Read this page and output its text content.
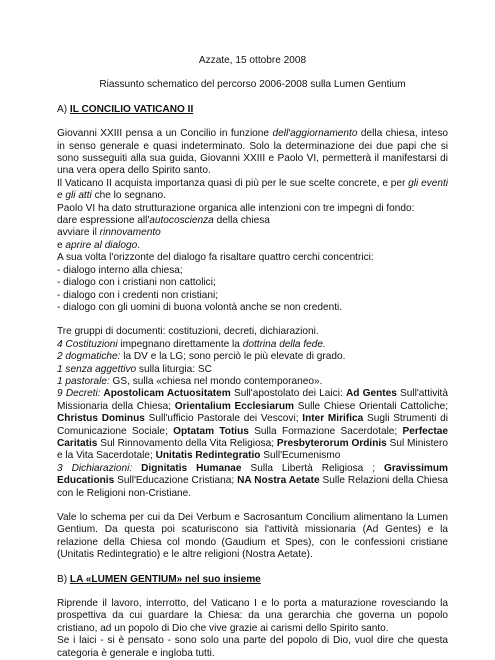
Azzate, 15 ottobre 2008
Riassunto schematico del percorso 2006-2008 sulla Lumen Gentium
A) IL CONCILIO VATICANO II

Giovanni XXIII pensa a un Concilio in funzione dell'aggiornamento della chiesa, inteso in senso generale e quasi indeterminato. Solo la determinazione dei due papi che si sono susseguiti alla sua guida, Giovanni XXIII e Paolo VI, permetterà il manifestarsi di una vera opera dello Spirito santo.

Il Vaticano II acquista importanza quasi di più per le sue scelte concrete, e per gli eventi e gli atti che lo segnano.

Paolo VI ha dato strutturazione organica alle intenzioni con tre impegni di fondo:

dare espressione all'autocoscienza della chiesa
avviare il rinnovamento
e aprire al dialogo.

A sua volta l'orizzonte del dialogo fa risaltare quattro cerchi concentrici:

- dialogo interno alla chiesa;
- dialogo con i cristiani non cattolici;
- dialogo con i credenti non cristiani;
- dialogo con gli uomini di buona volontà anche se non credenti.

Tre gruppi di documenti: costituzioni, decreti, dichiarazioni.

4 Costituzioni impegnano direttamente la dottrina della fede.
2 dogmatiche: la DV e la LG; sono perciò le più elevate di grado.
1 senza aggettivo sulla liturgia: SC
1 pastorale: GS, sulla «chiesa nel mondo contemporaneo».

9 Decreti: Apostolicam Actuositatem Sull'apostolato dei Laici: Ad Gentes Sull'attività Missionaria della Chiesa; Orientalium Ecclesiarum Sulle Chiese Orientali Cattoliche; Christus Dominus Sull'ufficio Pastorale dei Vescovi; Inter Mirifica Sugli Strumenti di Comunicazione Sociale; Optatam Totius Sulla Formazione Sacerdotale; Perfectae Caritatis Sul Rinnovamento della Vita Religiosa; Presbyterorum Ordinis Sul Ministero e la Vita Sacerdotale; Unitatis Redintegratio Sull'Ecumenismo

3 Dichiarazioni: Dignitatis Humanae Sulla Libertà Religiosa ; Gravissimum Educationis Sull'Educazione Cristiana; NA Nostra Aetate Sulle Relazioni della Chiesa con le Religioni non-Cristiane.

Vale lo schema per cui da Dei Verbum e Sacrosantum Concilium alimentano la Lumen Gentium. Da questa poi scaturiscono sia l'attività missionaria (Ad Gentes) e la relazione della Chiesa col mondo (Gaudium et Spes), con le confessioni cristiane (Unitatis Redintegratio) e le altre religioni (Nostra Aetate).

B) LA «LUMEN GENTIUM» nel suo insieme

Riprende il lavoro, interrotto, del Vaticano I e lo porta a maturazione rovesciando la prospettiva da cui guardare la Chiesa: da una gerarchia che governa un popolo cristiano, ad un popolo di Dio che vive grazie ai carismi dello Spirito santo.

Se i laici - si è pensato - sono solo una parte del popolo di Dio, vuol dire che questa categoria è generale e ingloba tutti.
